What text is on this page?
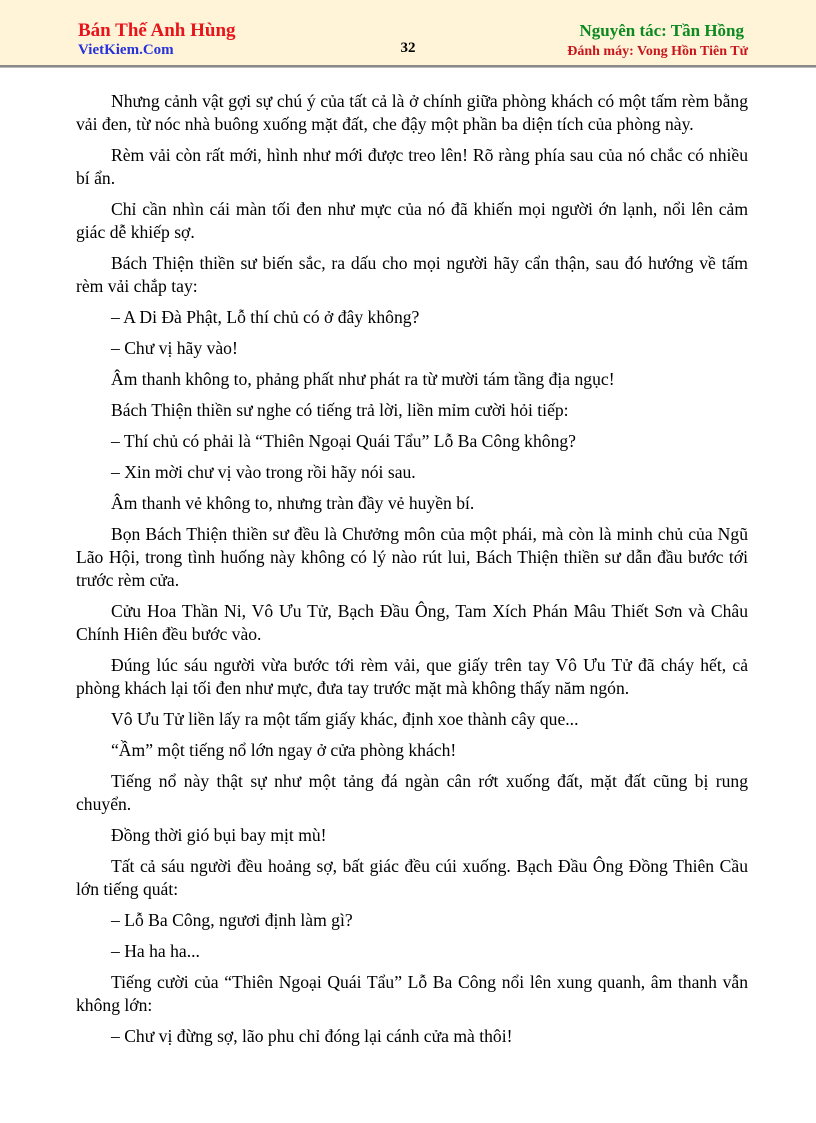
Bán Thế Anh Hùng
VietKiem.Com	32
Nguyên tác: Tần Hồng
Đánh máy: Vong Hồn Tiên Tử

Nhưng cảnh vật gợi sự chú ý của tất cả là ở chính giữa phòng khách có một tấm rèm bằng vải đen, từ nóc nhà buông xuống mặt đất, che đậy một phần ba diện tích của phòng này.

Rèm vải còn rất mới, hình như mới được treo lên! Rõ ràng phía sau của nó chắc có nhiều bí ẩn.

Chỉ cần nhìn cái màn tối đen như mực của nó đã khiến mọi người ớn lạnh, nổi lên cảm giác dễ khiếp sợ.

Bách Thiện thiền sư biến sắc, ra dấu cho mọi người hãy cẩn thận, sau đó hướng về tấm rèm vải chắp tay:

– A Di Đà Phật, Lỗ thí chủ có ở đây không?

– Chư vị hãy vào!

Âm thanh không to, phảng phất như phát ra từ mười tám tầng địa ngục!

Bách Thiện thiền sư nghe có tiếng trả lời, liền mỉm cười hỏi tiếp:

– Thí chủ có phải là “Thiên Ngoại Quái Tẩu” Lỗ Ba Công không?

– Xin mời chư vị vào trong rồi hãy nói sau.

Âm thanh vẻ không to, nhưng tràn đầy vẻ huyền bí.

Bọn Bách Thiện thiền sư đều là Chưởng môn của một phái, mà còn là minh chủ của Ngũ Lão Hội, trong tình huống này không có lý nào rút lui, Bách Thiện thiền sư dẫn đầu bước tới trước rèm cửa.

Cửu Hoa Thần Ni, Vô Ưu Tử, Bạch Đầu Ông, Tam Xích Phán Mâu Thiết Sơn và Châu Chính Hiên đều bước vào.

Đúng lúc sáu người vừa bước tới rèm vải, que giấy trên tay Vô Ưu Tử đã cháy hết, cả phòng khách lại tối đen như mực, đưa tay trước mặt mà không thấy năm ngón.

Vô Ưu Tử liền lấy ra một tấm giấy khác, định xoe thành cây que...

“Ầm” một tiếng nổ lớn ngay ở cửa phòng khách!

Tiếng nổ này thật sự như một tảng đá ngàn cân rớt xuống đất, mặt đất cũng bị rung chuyển.

Đồng thời gió bụi bay mịt mù!

Tất cả sáu người đều hoảng sợ, bất giác đều cúi xuống. Bạch Đầu Ông Đồng Thiên Cầu lớn tiếng quát:

– Lỗ Ba Công, ngươi định làm gì?

– Ha ha ha...

Tiếng cười của “Thiên Ngoại Quái Tẩu” Lỗ Ba Công nổi lên xung quanh, âm thanh vẫn không lớn:

– Chư vị đừng sợ, lão phu chỉ đóng lại cánh cửa mà thôi!
